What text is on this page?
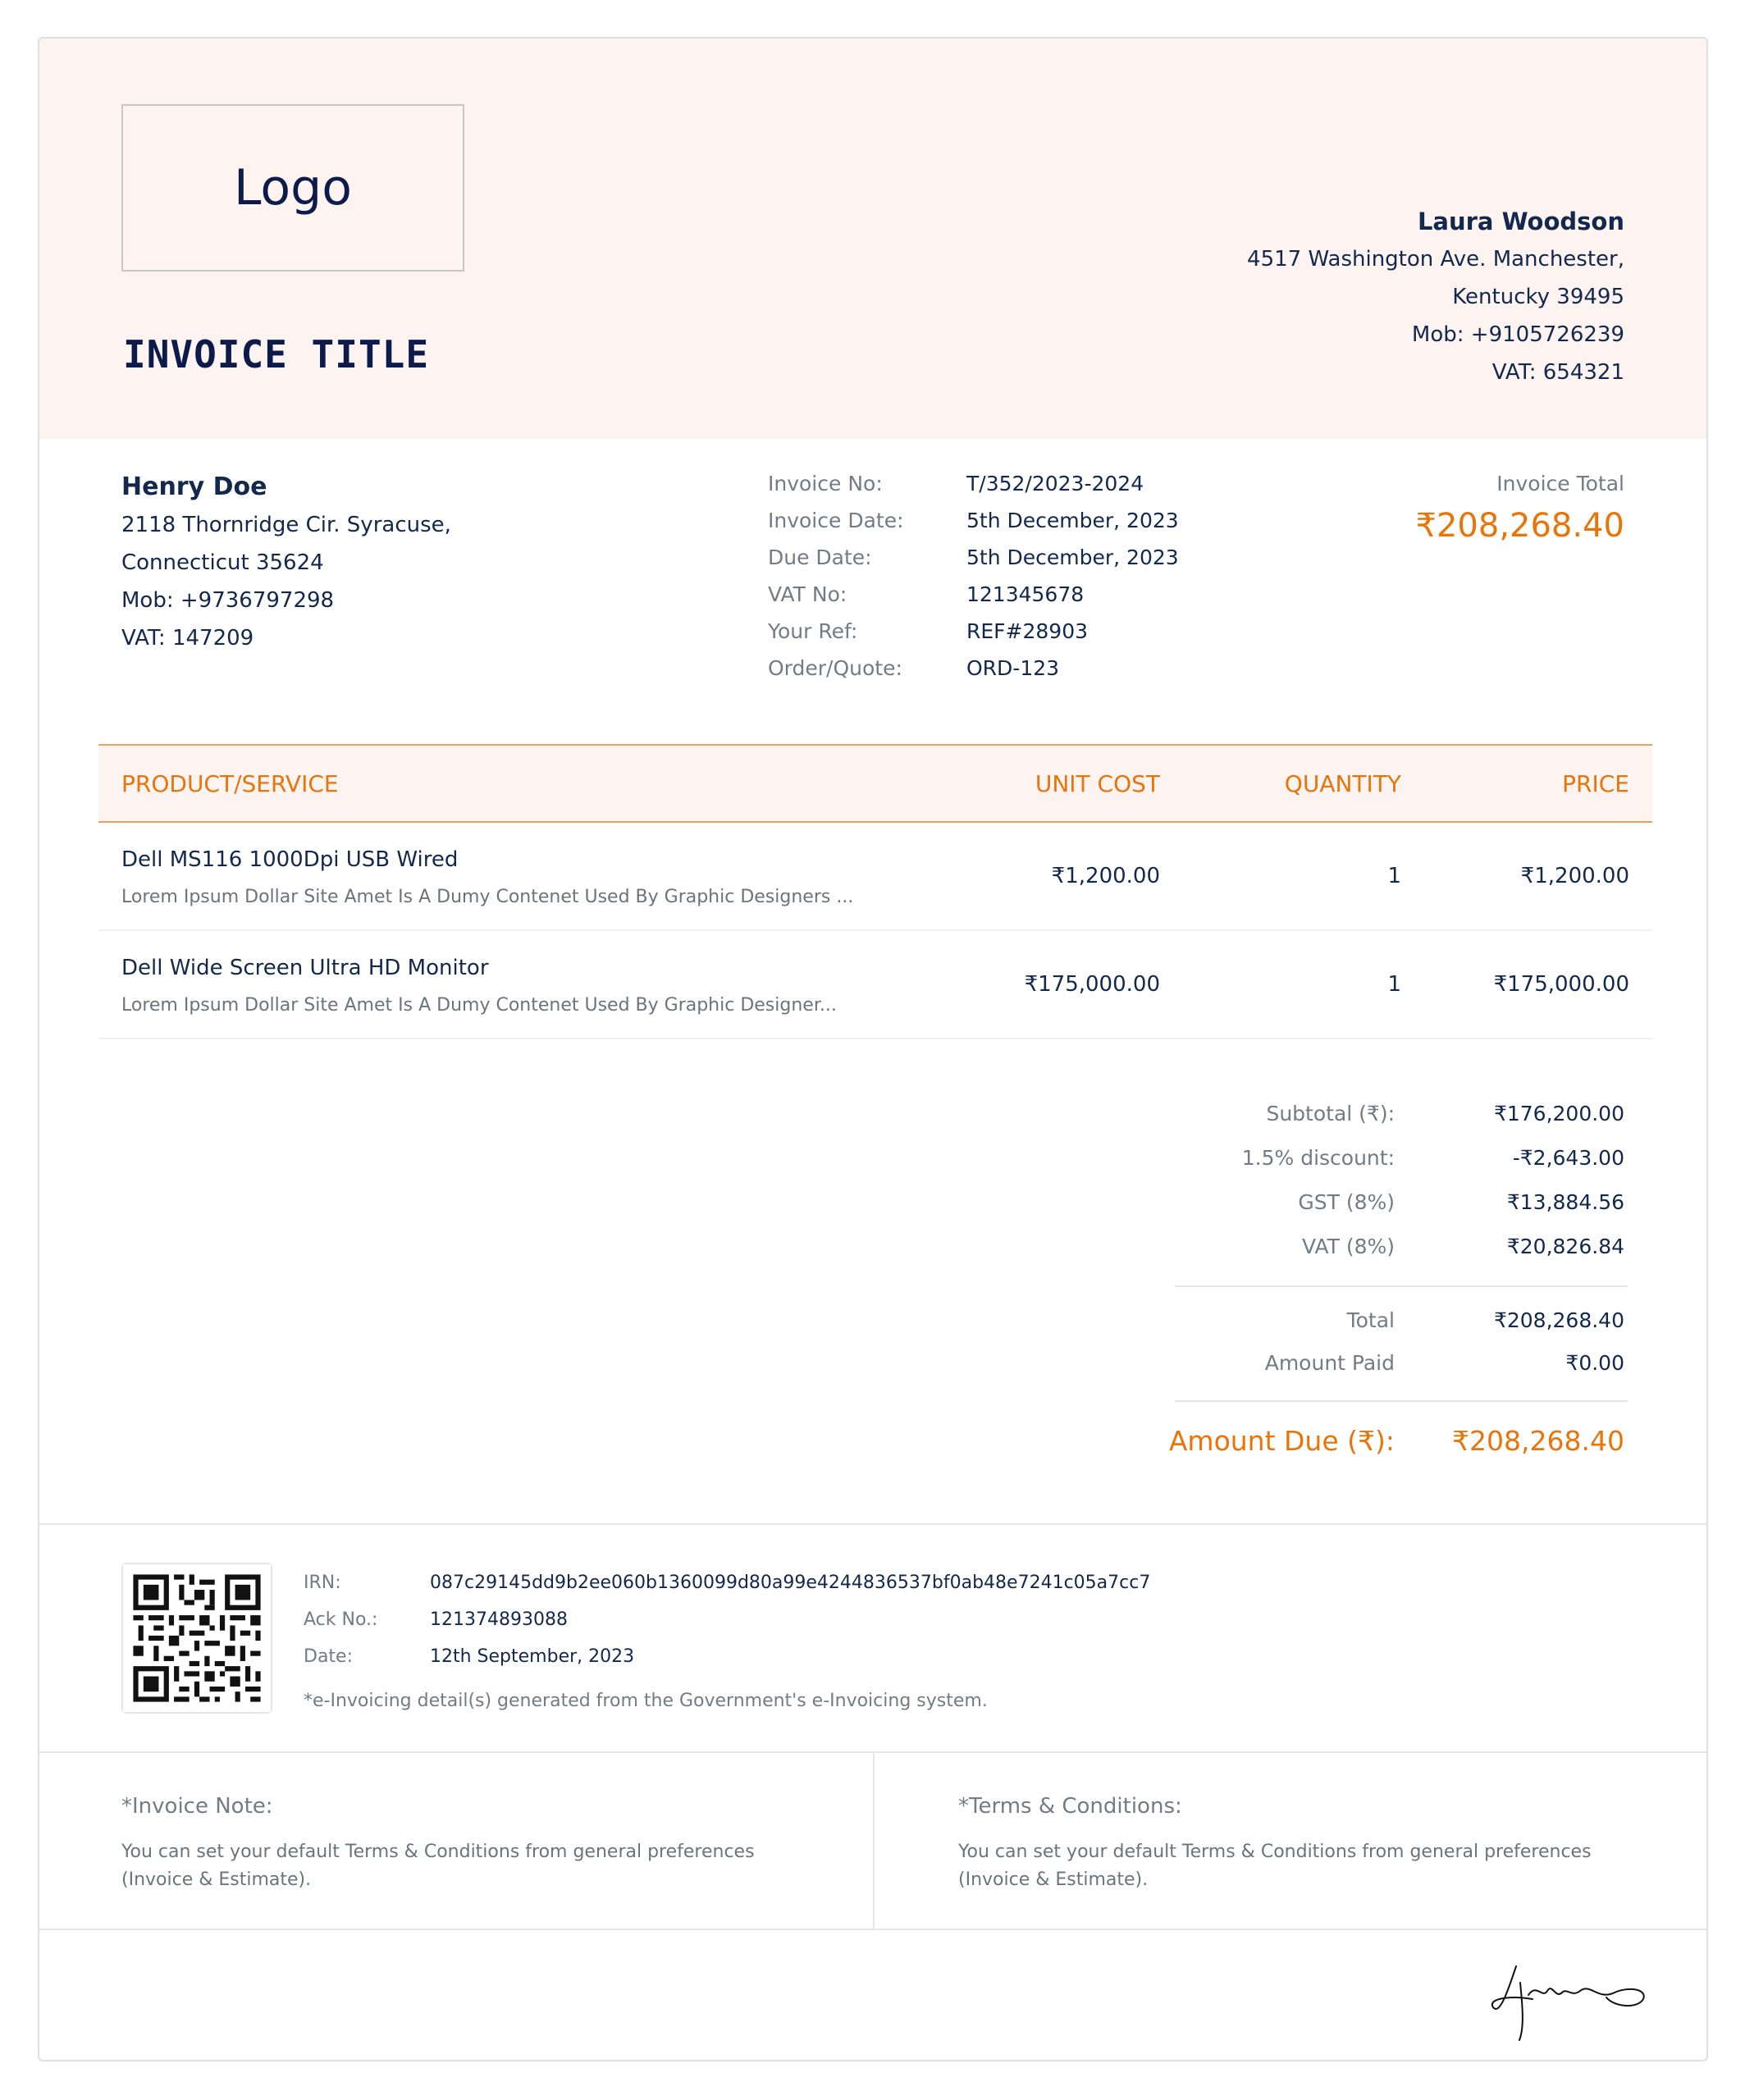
Logo
INVOICE TITLE
Laura Woodson
4517 Washington Ave. Manchester,
Kentucky 39495
Mob: +9105726239
VAT: 654321
Henry Doe
2118 Thornridge Cir. Syracuse,
Connecticut 35624
Mob: +9736797298
VAT: 147209
Invoice No:	T/352/2023-2024
Invoice Date:	5th December, 2023
Due Date:	5th December, 2023
VAT No:	121345678
Your Ref:	REF#28903
Order/Quote:	ORD-123
Invoice Total
₹208,268.40
PRODUCT/SERVICE	UNIT COST	QUANTITY	PRICE
Dell MS116 1000Dpi USB Wired
Lorem Ipsum Dollar Site Amet Is A Dumy Contenet Used By Graphic Designers ...
₹1,200.00	1	₹1,200.00
Dell Wide Screen Ultra HD Monitor
Lorem Ipsum Dollar Site Amet Is A Dumy Contenet Used By Graphic Designer...
₹175,000.00	1	₹175,000.00
Subtotal (₹):	₹176,200.00
1.5% discount:	-₹2,643.00
GST (8%)	₹13,884.56
VAT (8%)	₹20,826.84
Total	₹208,268.40
Amount Paid	₹0.00
Amount Due (₹): ₹208,268.40
IRN:	087c29145dd9b2ee060b1360099d80a99e4244836537bf0ab48e7241c05a7cc7
Ack No.:	121374893088
Date:	12th September, 2023
*e-Invoicing detail(s) generated from the Government's e-Invoicing system.
*Invoice Note:
You can set your default Terms & Conditions from general preferences (Invoice & Estimate).
*Terms & Conditions:
You can set your default Terms & Conditions from general preferences (Invoice & Estimate).
